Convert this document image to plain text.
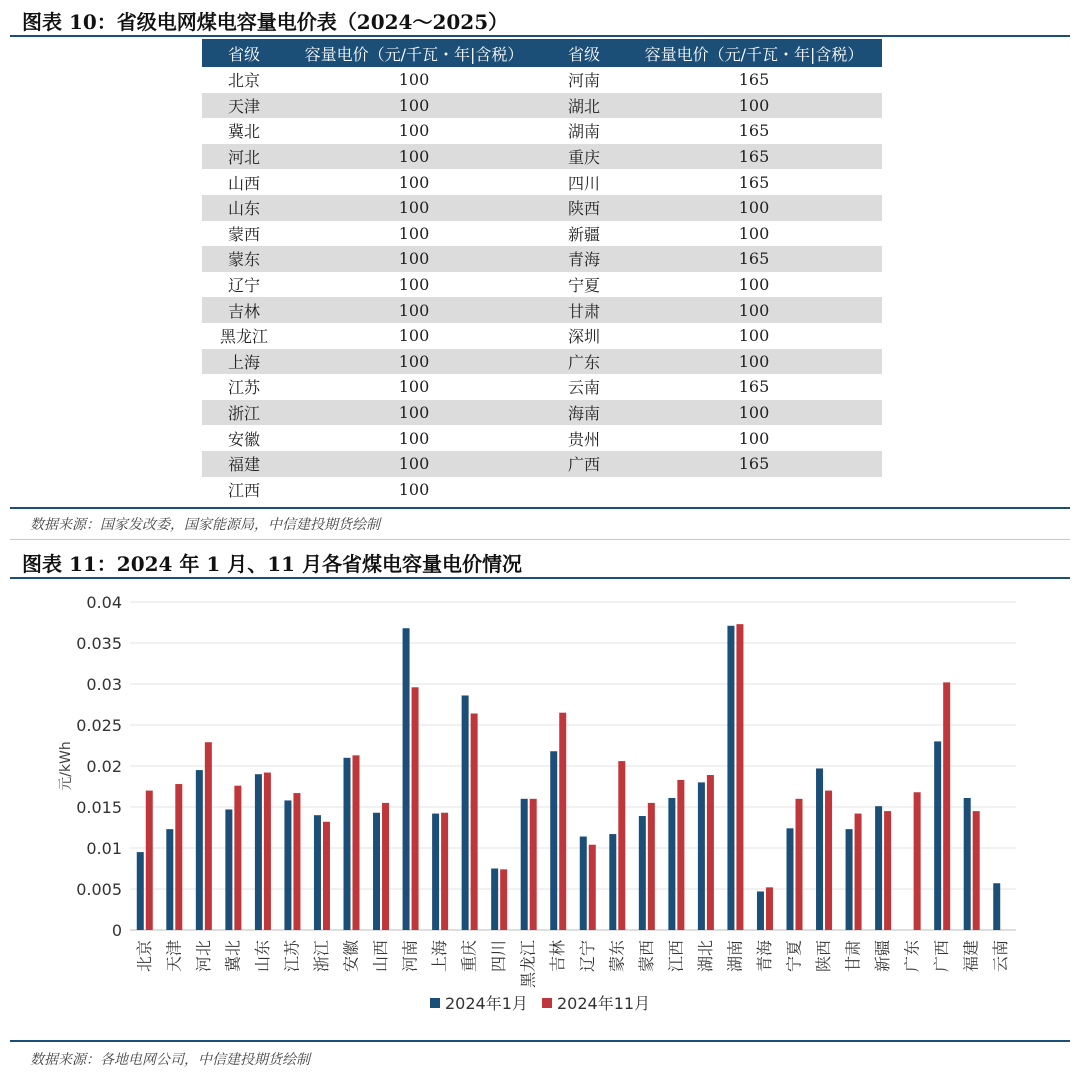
图表 10：省级电网煤电容量电价表（2024～2025）
省级	容量电价（元/千瓦・年|含税）	省级	容量电价（元/千瓦・年|含税）
北京	100	河南	165
天津	100	湖北	100
冀北	100	湖南	165
河北	100	重庆	165
山西	100	四川	165
山东	100	陕西	100
蒙西	100	新疆	100
蒙东	100	青海	165
辽宁	100	宁夏	100
吉林	100	甘肃	100
黑龙江	100	深圳	100
上海	100	广东	100
江苏	100	云南	165
浙江	100	海南	100
安徽	100	贵州	100
福建	100	广西	165
江西	100		
数据来源：国家发改委，国家能源局，中信建投期货绘制
图表 11：2024 年 1 月、11 月各省煤电容量电价情况
0
0.005
0.01
0.015
0.02
0.025
0.03
0.035
0.04
元/kWh
北京 天津 河北 冀北 山东 江苏 浙江 安徽 山西 河南 上海 重庆 四川 黑龙江 吉林 辽宁 蒙东 蒙西 江西 湖北 湖南 青海 宁夏 陕西 甘肃 新疆 广东 广西 福建 云南
2024年1月 2024年11月
数据来源：各地电网公司，中信建投期货绘制
